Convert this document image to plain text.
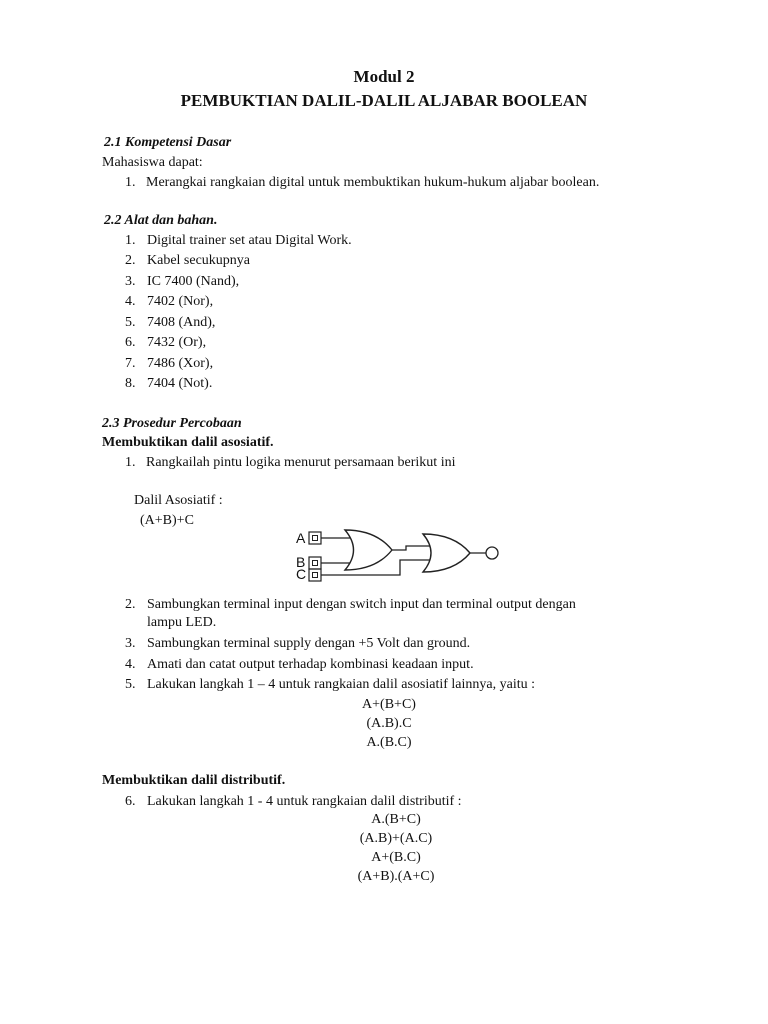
Modul 2
PEMBUKTIAN DALIL-DALIL ALJABAR BOOLEAN
2.1 Kompetensi Dasar
Mahasiswa dapat:
1. Merangkai rangkaian digital untuk membuktikan hukum-hukum aljabar boolean.
2.2 Alat dan bahan.
1. Digital trainer set atau Digital Work.
2. Kabel secukupnya
3. IC 7400 (Nand),
4. 7402 (Nor),
5. 7408 (And),
6. 7432 (Or),
7. 7486 (Xor),
8. 7404 (Not).
2.3 Prosedur Percobaan
Membuktikan dalil asosiatif.
1. Rangkailah pintu logika menurut persamaan berikut ini
Dalil Asosiatif :
(A+B)+C
A
B
C
2. Sambungkan terminal input dengan switch input dan terminal output dengan
lampu LED.
3. Sambungkan terminal supply dengan +5 Volt dan ground.
4. Amati dan catat output terhadap kombinasi keadaan input.
5. Lakukan langkah 1 – 4 untuk rangkaian dalil asosiatif lainnya, yaitu :
A+(B+C)
(A.B).C
A.(B.C)
Membuktikan dalil distributif.
6. Lakukan langkah 1 - 4 untuk rangkaian dalil distributif :
A.(B+C)
(A.B)+(A.C)
A+(B.C)
(A+B).(A+C)
